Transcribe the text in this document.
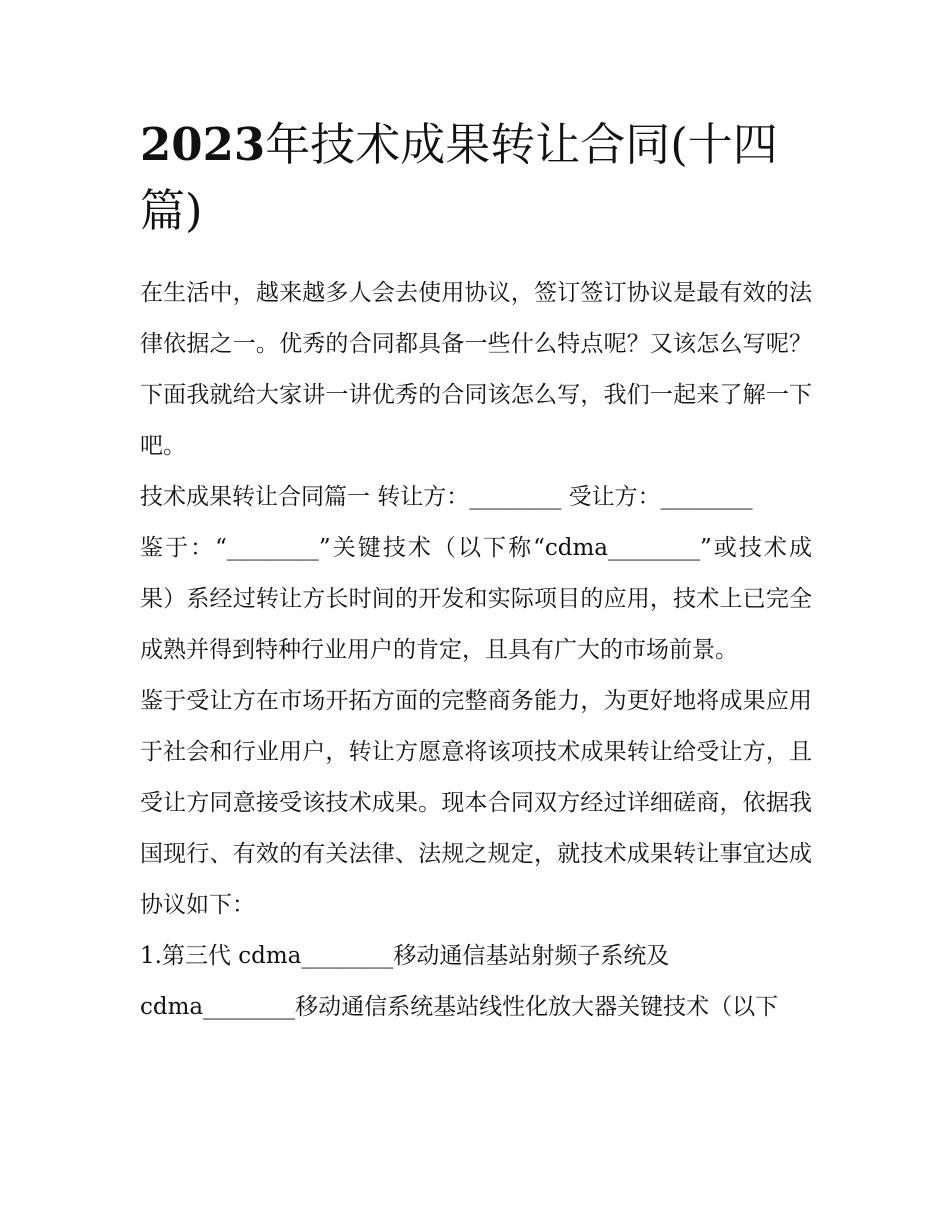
2023年技术成果转让合同(十四篇)

在生活中，越来越多人会去使用协议，签订签订协议是最有效的法律依据之一。优秀的合同都具备一些什么特点呢？又该怎么写呢？下面我就给大家讲一讲优秀的合同该怎么写，我们一起来了解一下吧。

技术成果转让合同篇一 转让方：________ 受让方：________

鉴于：“________”关键技术（以下称“cdma________”或技术成果）系经过转让方长时间的开发和实际项目的应用，技术上已完全成熟并得到特种行业用户的肯定，且具有广大的市场前景。

鉴于受让方在市场开拓方面的完整商务能力，为更好地将成果应用于社会和行业用户，转让方愿意将该项技术成果转让给受让方，且受让方同意接受该技术成果。现本合同双方经过详细磋商，依据我国现行、有效的有关法律、法规之规定，就技术成果转让事宜达成协议如下：

1.第三代 cdma________移动通信基站射频子系统及

cdma________移动通信系统基站线性化放大器关键技术（以下
